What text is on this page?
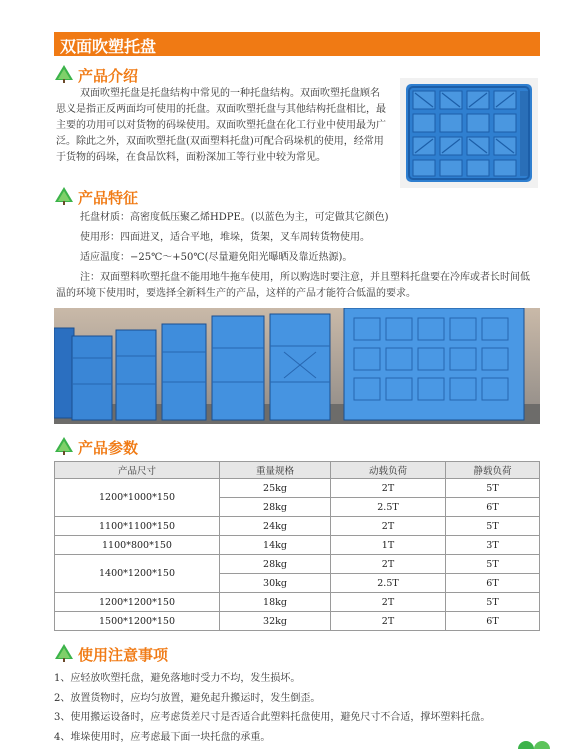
双面吹塑托盘
产品介绍

双面吹塑托盘是托盘结构中常见的一种托盘结构。双面吹塑托盘顾名思义是指正反两面均可使用的托盘。双面吹塑托盘与其他结构托盘相比，最主要的功用可以对货物的码垛使用。双面吹塑托盘在化工行业中使用最为广泛。除此之外，双面吹塑托盘(双面塑料托盘)可配合码垛机的使用，经常用于货物的码垛，在食品饮料，面粉深加工等行业中较为常见。

产品特征

托盘材质：高密度低压聚乙烯HDPE。(以蓝色为主，可定做其它颜色)

使用形：四面进叉，适合平地，堆垛，货架，叉车周转货物使用。

适应温度：−25℃～+50℃(尽量避免阳光曝晒及靠近热源)。

注：双面塑料吹塑托盘不能用地牛拖车使用，所以购选时要注意，并且塑料托盘要在冷库或者长时间低温的环境下使用时，要选择全新料生产的产品，这样的产品才能符合低温的要求。

产品参数
产品尺寸	重量规格	动载负荷	静载负荷
1200*1000*150	25kg	2T	5T
	28kg	2.5T	6T
1100*1100*150	24kg	2T	5T
1100*800*150	14kg	1T	3T
1400*1200*150	28kg	2T	5T
	30kg	2.5T	6T
1200*1200*150	18kg	2T	5T
1500*1200*150	32kg	2T	6T
使用注意事项

1、应轻放吹塑托盘，避免落地时受力不均，发生损坏。

2、放置货物时，应均匀放置，避免起升搬运时，发生倒歪。

3、使用搬运设备时，应考虑货差尺寸是否适合此塑料托盘使用，避免尺寸不合适，撑坏塑料托盘。

4、堆垛使用时，应考虑最下面一块托盘的承重。
